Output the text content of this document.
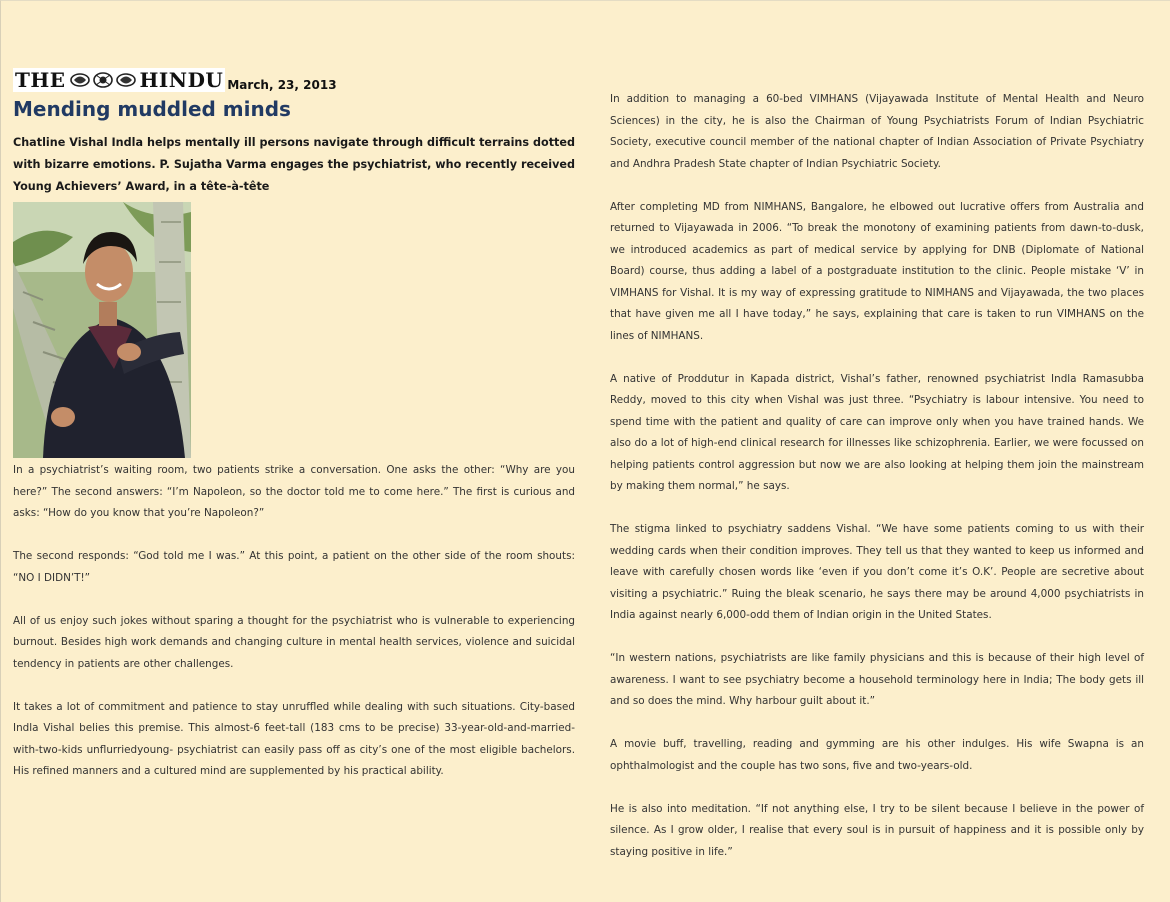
THE	HINDU March, 23, 2013
Mending muddled minds
Chatline Vishal Indla helps mentally ill persons navigate through difficult terrains dotted with bizarre emotions. P. Sujatha Varma engages the psychiatrist, who recently received Young Achievers’ Award, in a tête-à-tête

In a psychiatrist’s waiting room, two patients strike a conversation. One asks the other: “Why are you here?” The second answers: “I’m Napoleon, so the doctor told me to come here.” The first is curious and asks: “How do you know that you’re Napoleon?”

The second responds: “God told me I was.” At this point, a patient on the other side of the room shouts: “NO I DIDN’T!”

All of us enjoy such jokes without sparing a thought for the psychiatrist who is vulnerable to experiencing burnout. Besides high work demands and changing culture in mental health services, violence and suicidal tendency in patients are other challenges.

It takes a lot of commitment and patience to stay unruffled while dealing with such situations. City-based Indla Vishal belies this premise. This almost-6 feet-tall (183 cms to be precise) 33-year-old-and-married-with-two-kids unflurriedyoung- psychiatrist can easily pass off as city’s one of the most eligible bachelors. His refined manners and a cultured mind are supplemented by his practical ability.

In addition to managing a 60-bed VIMHANS (Vijayawada Institute of Mental Health and Neuro Sciences) in the city, he is also the Chairman of Young Psychiatrists Forum of Indian Psychiatric Society, executive council member of the national chapter of Indian Association of Private Psychiatry and Andhra Pradesh State chapter of Indian Psychiatric Society.

After completing MD from NIMHANS, Bangalore, he elbowed out lucrative offers from Australia and returned to Vijayawada in 2006. “To break the monotony of examining patients from dawn-to-dusk, we introduced academics as part of medical service by applying for DNB (Diplomate of National Board) course, thus adding a label of a postgraduate institution to the clinic. People mistake ‘V’ in VIMHANS for Vishal. It is my way of expressing gratitude to NIMHANS and Vijayawada, the two places that have given me all I have today,” he says, explaining that care is taken to run VIMHANS on the lines of NIMHANS.

A native of Proddutur in Kapada district, Vishal’s father, renowned psychiatrist Indla Ramasubba Reddy, moved to this city when Vishal was just three. “Psychiatry is labour intensive. You need to spend time with the patient and quality of care can improve only when you have trained hands. We also do a lot of high-end clinical research for illnesses like schizophrenia. Earlier, we were focussed on helping patients control aggression but now we are also looking at helping them join the mainstream by making them normal,” he says.

The stigma linked to psychiatry saddens Vishal. “We have some patients coming to us with their wedding cards when their condition improves. They tell us that they wanted to keep us informed and leave with carefully chosen words like ‘even if you don’t come it’s O.K’. People are secretive about visiting a psychiatric.” Ruing the bleak scenario, he says there may be around 4,000 psychiatrists in India against nearly 6,000-odd them of Indian origin in the United States.

“In western nations, psychiatrists are like family physicians and this is because of their high level of awareness. I want to see psychiatry become a household terminology here in India; The body gets ill and so does the mind. Why harbour guilt about it.”

A movie buff, travelling, reading and gymming are his other indulges. His wife Swapna is an ophthalmologist and the couple has two sons, five and two-years-old.

He is also into meditation. “If not anything else, I try to be silent because I believe in the power of silence. As I grow older, I realise that every soul is in pursuit of happiness and it is possible only by staying positive in life.”
